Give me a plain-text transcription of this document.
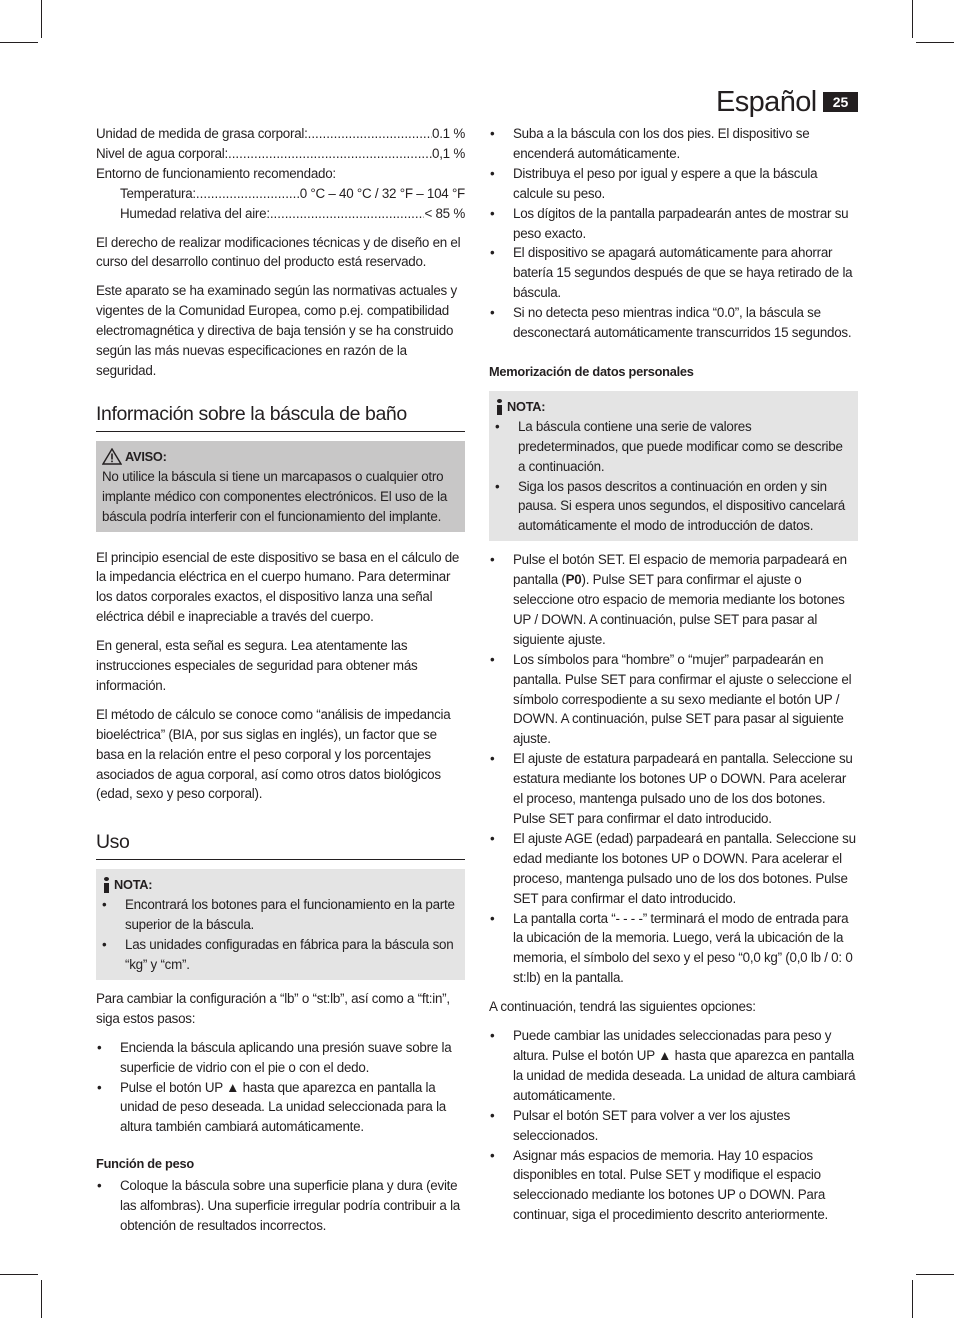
Español	25
Unidad de medida de grasa corporal: .....	0.1 %
Nivel de agua corporal: .....	0,1 %
Entorno de funcionamiento recomendado:
Temperatura: .....	0 °C – 40 °C / 32 °F – 104 °F
Humedad relativa del aire: .....	< 85 %

El derecho de realizar modificaciones técnicas y de diseño en el curso del desarrollo continuo del producto está reservado.

Este aparato se ha examinado según las normativas actuales y vigentes de la Comunidad Europea, como p.ej. compatibilidad electromagnética y directiva de baja tensión y se ha construido según las más nuevas especificaciones en razón de la seguridad.

Información sobre la báscula de baño
AVISO:

No utilice la báscula si tiene un marcapasos o cualquier otro implante médico con componentes electrónicos. El uso de la báscula podría interferir con el funcionamiento del implante.

El principio esencial de este dispositivo se basa en el cálculo de la impedancia eléctrica en el cuerpo humano. Para determinar los datos corporales exactos, el dispositivo lanza una señal eléctrica débil e inapreciable a través del cuerpo.

En general, esta señal es segura. Lea atentamente las instrucciones especiales de seguridad para obtener más información.

El método de cálculo se conoce como “análisis de impedancia bioeléctrica” (BIA, por sus siglas en inglés), un factor que se basa en la relación entre el peso corporal y los porcentajes asociados de agua corporal, así como otros datos biológicos (edad, sexo y peso corporal).

Uso
NOTA:
• Encontrará los botones para el funcionamiento en la parte superior de la báscula.
• Las unidades configuradas en fábrica para la báscula son “kg” y “cm”.

Para cambiar la configuración a “lb” o “st:lb”, así como a “ft:in”, siga estos pasos:

• Encienda la báscula aplicando una presión suave sobre la superficie de vidrio con el pie o con el dedo.
• Pulse el botón UP ▲ hasta que aparezca en pantalla la unidad de peso deseada. La unidad seleccionada para la altura también cambiará automáticamente.
Función de peso
• Coloque la báscula sobre una superficie plana y dura (evite las alfombras). Una superficie irregular podría contribuir a la obtención de resultados incorrectos.
• Suba a la báscula con los dos pies. El dispositivo se encenderá automáticamente.
• Distribuya el peso por igual y espere a que la báscula calcule su peso.
• Los dígitos de la pantalla parpadearán antes de mostrar su peso exacto.
• El dispositivo se apagará automáticamente para ahorrar batería 15 segundos después de que se haya retirado de la báscula.
• Si no detecta peso mientras indica “0.0”, la báscula se desconectará automáticamente transcurridos 15 segundos.
Memorización de datos personales
NOTA:
• La báscula contiene una serie de valores predeterminados, que puede modificar como se describe a continuación.
• Siga los pasos descritos a continuación en orden y sin pausa. Si espera unos segundos, el dispositivo cancelará automáticamente el modo de introducción de datos.
• Pulse el botón SET. El espacio de memoria parpadeará en pantalla (P0). Pulse SET para confirmar el ajuste o seleccione otro espacio de memoria mediante los botones UP / DOWN. A continuación, pulse SET para pasar al siguiente ajuste.
• Los símbolos para “hombre” o “mujer” parpadearán en pantalla. Pulse SET para confirmar el ajuste o seleccione el símbolo correspodiente a su sexo mediante el botón UP / DOWN. A continuación, pulse SET para pasar al siguiente ajuste.
• El ajuste de estatura parpadeará en pantalla. Seleccione su estatura mediante los botones UP o DOWN. Para acelerar el proceso, mantenga pulsado uno de los dos botones. Pulse SET para confirmar el dato introducido.
• El ajuste AGE (edad) parpadeará en pantalla. Seleccione su edad mediante los botones UP o DOWN. Para acelerar el proceso, mantenga pulsado uno de los dos botones. Pulse SET para confirmar el dato introducido.
• La pantalla corta “- - - -” terminará el modo de entrada para la ubicación de la memoria. Luego, verá la ubicación de la memoria, el símbolo del sexo y el peso “0,0 kg” (0,0 lb / 0: 0 st:lb) en la pantalla.

A continuación, tendrá las siguientes opciones:

• Puede cambiar las unidades seleccionadas para peso y altura. Pulse el botón UP ▲ hasta que aparezca en pantalla la unidad de medida deseada. La unidad de altura cambiará automáticamente.
• Pulsar el botón SET para volver a ver los ajustes seleccionados.
• Asignar más espacios de memoria. Hay 10 espacios disponibles en total. Pulse SET y modifique el espacio seleccionado mediante los botones UP o DOWN. Para continuar, siga el procedimiento descrito anteriormente.
